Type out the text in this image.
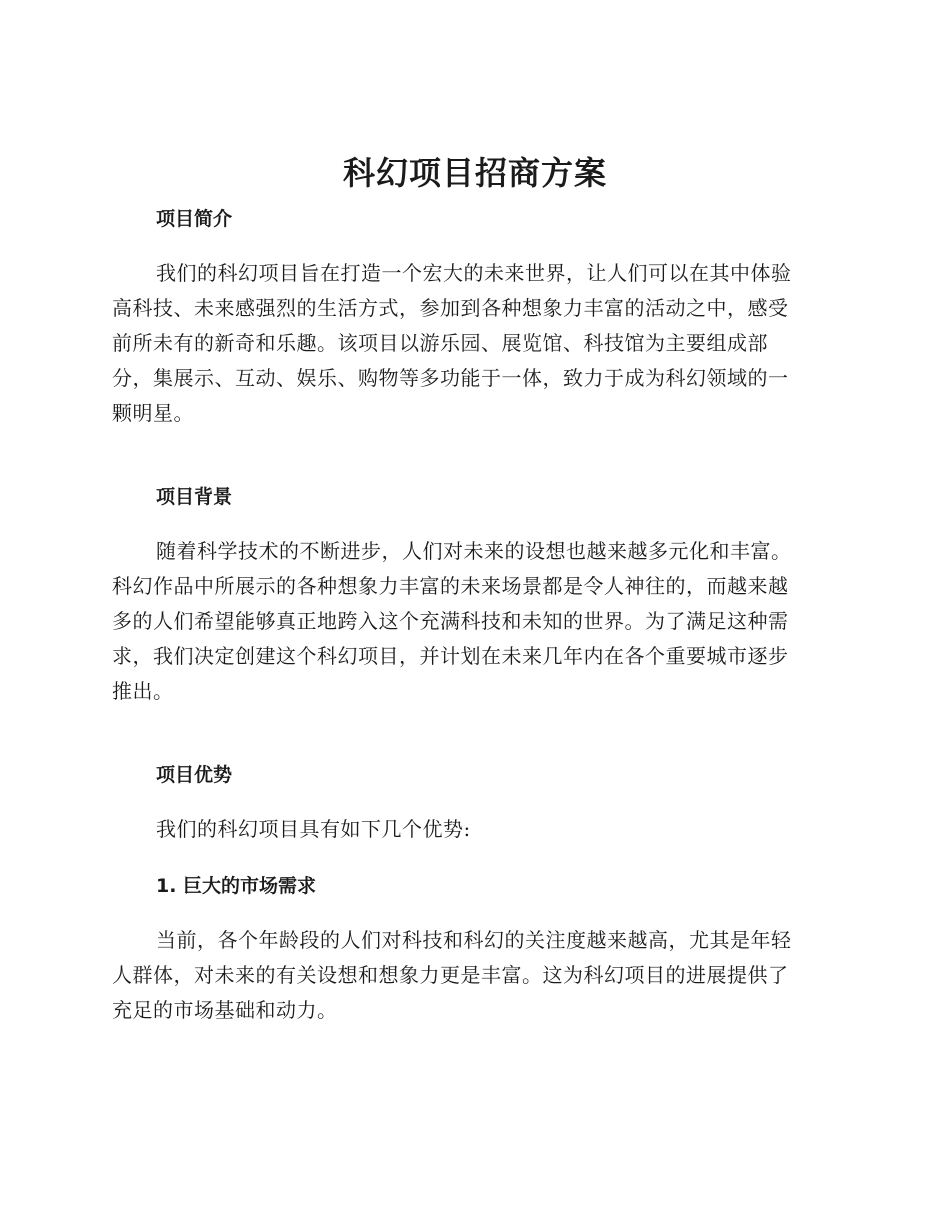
科幻项目招商方案
项目简介

我们的科幻项目旨在打造一个宏大的未来世界，让人们可以在其中体验
高科技、未来感强烈的生活方式，参加到各种想象力丰富的活动之中，感受
前所未有的新奇和乐趣。该项目以游乐园、展览馆、科技馆为主要组成部
分，集展示、互动、娱乐、购物等多功能于一体，致力于成为科幻领域的一
颗明星。

项目背景

随着科学技术的不断进步，人们对未来的设想也越来越多元化和丰富。
科幻作品中所展示的各种想象力丰富的未来场景都是令人神往的，而越来越
多的人们希望能够真正地跨入这个充满科技和未知的世界。为了满足这种需
求，我们决定创建这个科幻项目，并计划在未来几年内在各个重要城市逐步
推出。

项目优势

我们的科幻项目具有如下几个优势:

1. 巨大的市场需求

当前，各个年龄段的人们对科技和科幻的关注度越来越高，尤其是年轻
人群体，对未来的有关设想和想象力更是丰富。这为科幻项目的进展提供了
充足的市场基础和动力。
